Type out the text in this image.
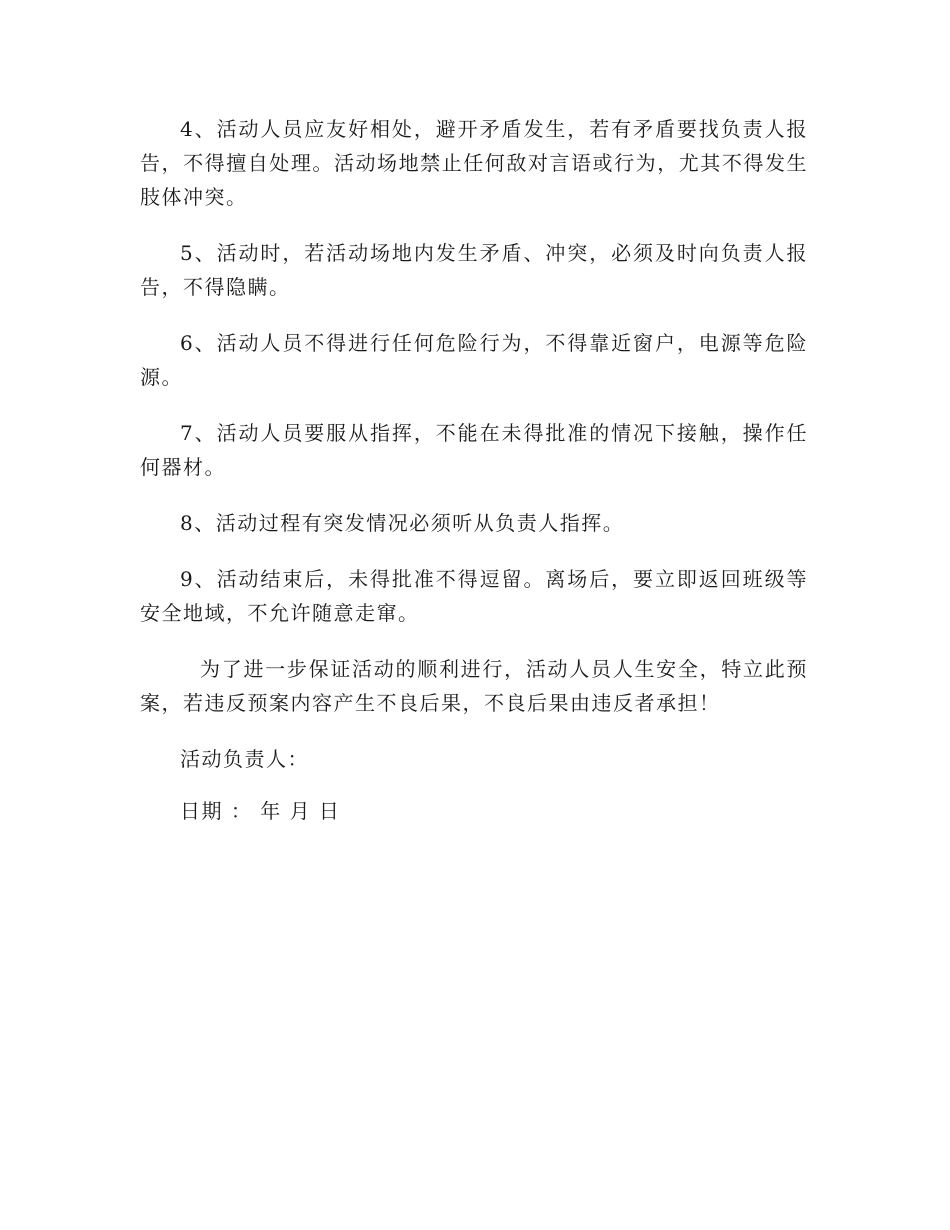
4、活动人员应友好相处，避开矛盾发生，若有矛盾要找负责人报告，不得擅自处理。活动场地禁止任何敌对言语或行为，尤其不得发生肢体冲突。

5、活动时，若活动场地内发生矛盾、冲突，必须及时向负责人报告，不得隐瞒。

6、活动人员不得进行任何危险行为，不得靠近窗户，电源等危险源。

7、活动人员要服从指挥，不能在未得批准的情况下接触，操作任何器材。

8、活动过程有突发情况必须听从负责人指挥。

9、活动结束后，未得批准不得逗留。离场后，要立即返回班级等安全地域，不允许随意走窜。

为了进一步保证活动的顺利进行，活动人员人生安全，特立此预案，若违反预案内容产生不良后果，不良后果由违反者承担！

活动负责人：

日期 ： 年 月 日
